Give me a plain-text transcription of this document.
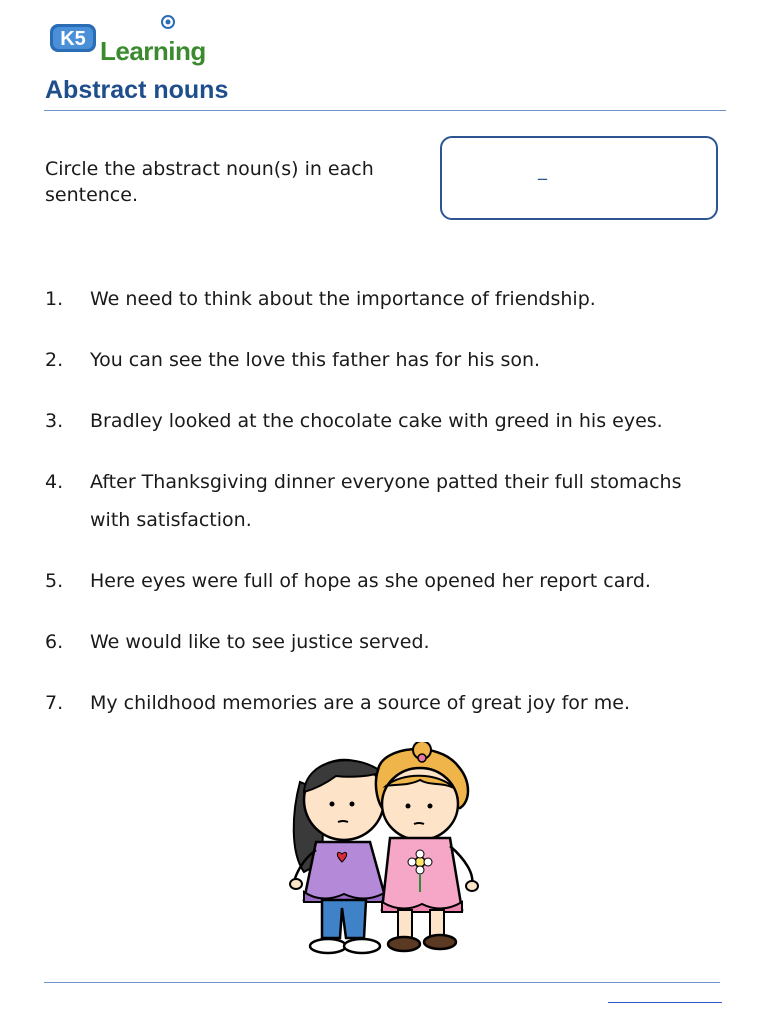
K5 Learning
Abstract nouns

Circle the abstract noun(s) in each sentence.

_
1.	We need to think about the importance of friendship.
2.	You can see the love this father has for his son.
3.	Bradley looked at the chocolate cake with greed in his eyes.
4.	After Thanksgiving dinner everyone patted their full stomachs with satisfaction.
5.	Here eyes were full of hope as she opened her report card.
6.	We would like to see justice served.
7.	My childhood memories are a source of great joy for me.
